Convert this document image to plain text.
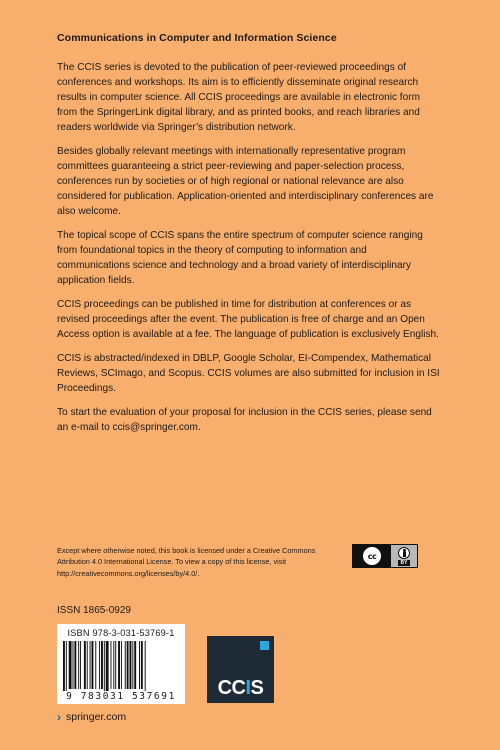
Communications in Computer and Information Science

The CCIS series is devoted to the publication of peer-reviewed proceedings of conferences and workshops. Its aim is to efficiently disseminate original research results in computer science. All CCIS proceedings are available in electronic form from the SpringerLink digital library, and as printed books, and reach libraries and readers worldwide via Springer’s distribution network.

Besides globally relevant meetings with internationally representative program committees guaranteeing a strict peer-reviewing and paper-selection process, conferences run by societies or of high regional or national relevance are also considered for publication. Application-oriented and interdisciplinary conferences are also welcome.

The topical scope of CCIS spans the entire spectrum of computer science ranging from foundational topics in the theory of computing to information and communications science and technology and a broad variety of interdisciplinary application fields.

CCIS proceedings can be published in time for distribution at conferences or as revised proceedings after the event. The publication is free of charge and an Open Access option is available at a fee. The language of publication is exclusively English.

CCIS is abstracted/indexed in DBLP, Google Scholar, EI-Compendex, Mathematical Reviews, SCImago, and Scopus. CCIS volumes are also submitted for inclusion in ISI Proceedings.

To start the evaluation of your proposal for inclusion in the CCIS series, please send an e-mail to ccis@springer.com.

Except where otherwise noted, this book is licensed under a Creative Commons Attribution 4.0 International License. To view a copy of this license, visit http://creativecommons.org/licenses/by/4.0/.
cc
BY
ISSN 1865-0929
ISBN 978-3-031-53769-1
9 783031 537691	CCIS
› springer.com
